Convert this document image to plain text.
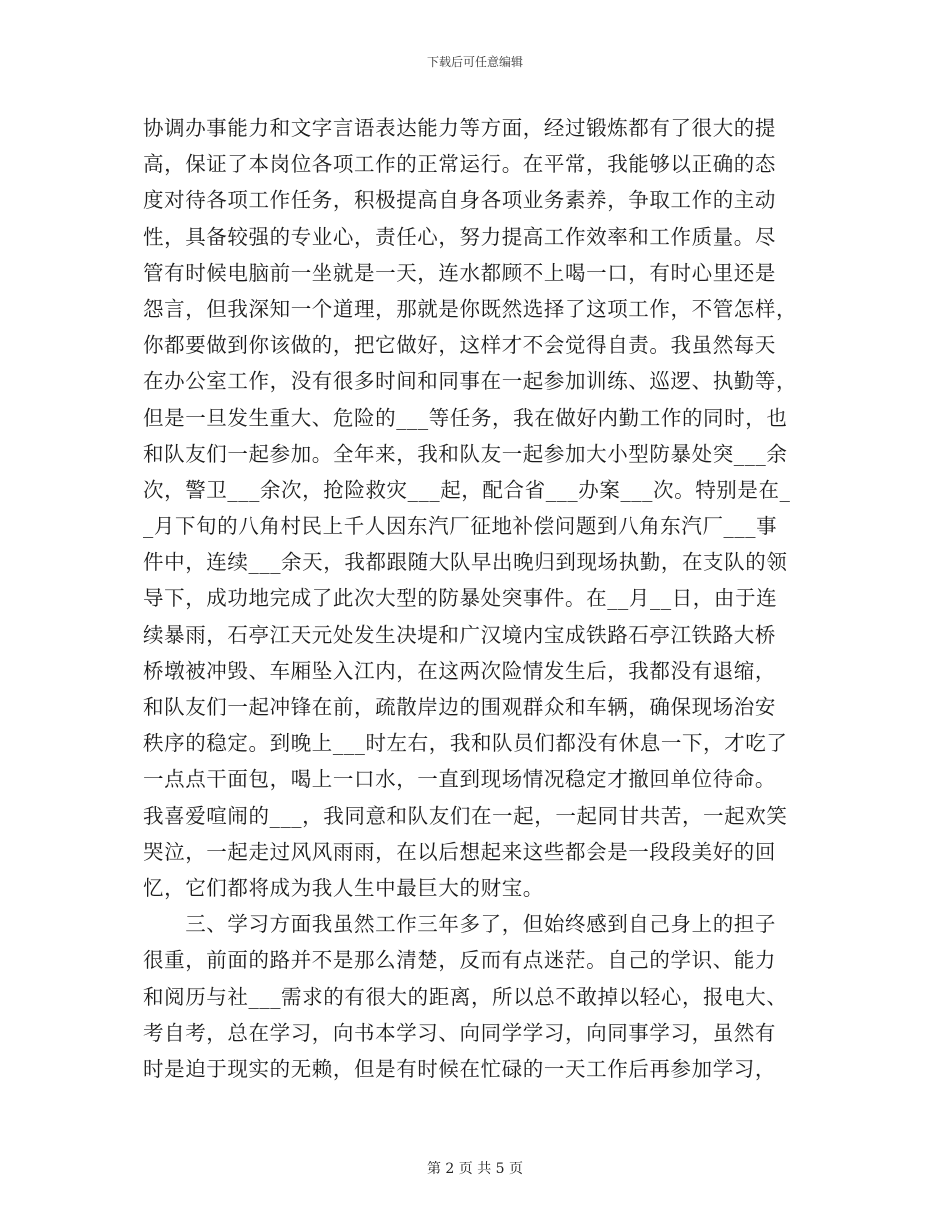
下载后可任意编辑
协调办事能力和文字言语表达能力等方面，经过锻炼都有了很大的提
高，保证了本岗位各项工作的正常运行。在平常，我能够以正确的态
度对待各项工作任务，积极提高自身各项业务素养，争取工作的主动
性，具备较强的专业心，责任心，努力提高工作效率和工作质量。尽
管有时候电脑前一坐就是一天，连水都顾不上喝一口，有时心里还是
怨言，但我深知一个道理，那就是你既然选择了这项工作，不管怎样，
你都要做到你该做的，把它做好，这样才不会觉得自责。我虽然每天
在办公室工作，没有很多时间和同事在一起参加训练、巡逻、执勤等，
但是一旦发生重大、危险的___等任务，我在做好内勤工作的同时，也
和队友们一起参加。全年来，我和队友一起参加大小型防暴处突___余
次，警卫___余次，抢险救灾___起，配合省___办案___次。特别是在_
_月下旬的八角村民上千人因东汽厂征地补偿问题到八角东汽厂___事
件中，连续___余天，我都跟随大队早出晚归到现场执勤，在支队的领
导下，成功地完成了此次大型的防暴处突事件。在__月__日，由于连
续暴雨，石亭江天元处发生决堤和广汉境内宝成铁路石亭江铁路大桥
桥墩被冲毁、车厢坠入江内，在这两次险情发生后，我都没有退缩，
和队友们一起冲锋在前，疏散岸边的围观群众和车辆，确保现场治安
秩序的稳定。到晚上___时左右，我和队员们都没有休息一下，才吃了
一点点干面包，喝上一口水，一直到现场情况稳定才撤回单位待命。
我喜爱喧闹的___，我同意和队友们在一起，一起同甘共苦，一起欢笑
哭泣，一起走过风风雨雨，在以后想起来这些都会是一段段美好的回
忆，它们都将成为我人生中最巨大的财宝。
　　三、学习方面我虽然工作三年多了，但始终感到自己身上的担子
很重，前面的路并不是那么清楚，反而有点迷茫。自己的学识、能力
和阅历与社___需求的有很大的距离，所以总不敢掉以轻心，报电大、
考自考，总在学习，向书本学习、向同学学习，向同事学习，虽然有
时是迫于现实的无赖，但是有时候在忙碌的一天工作后再参加学习，
第 2 页 共 5 页
